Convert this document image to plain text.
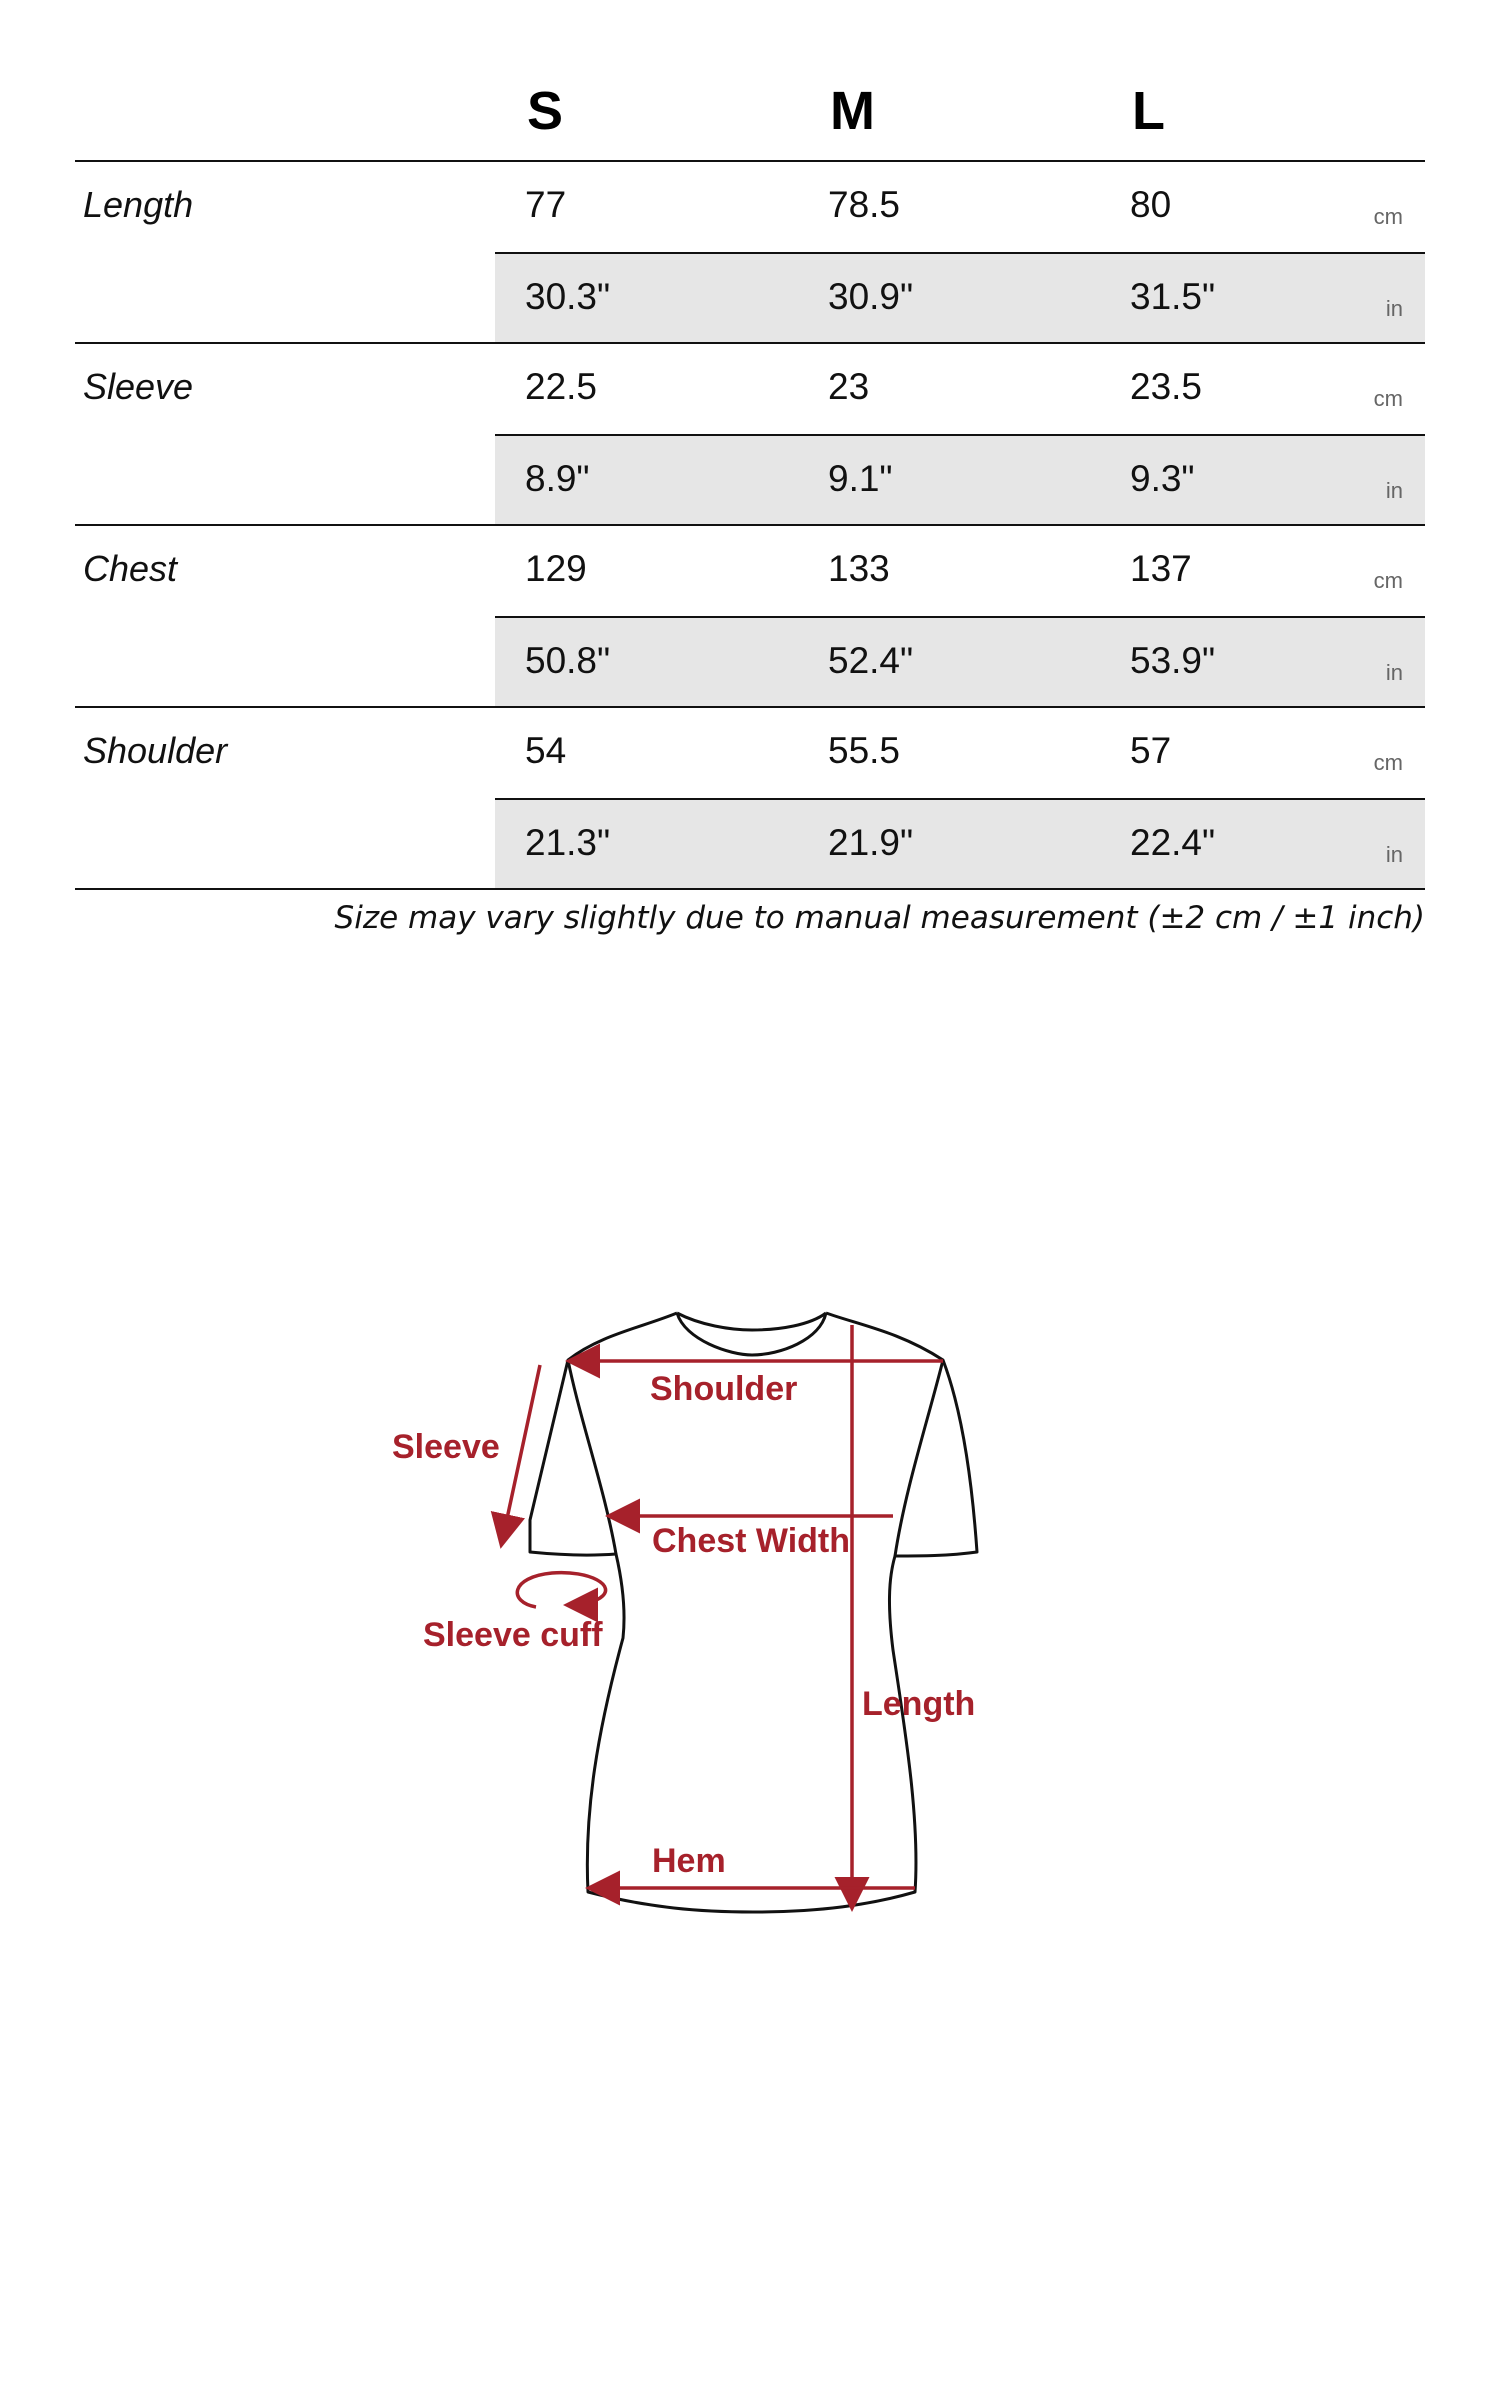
S	M	L
Length	77	78.5	80	cm
30.3"	30.9"	31.5"	in
Sleeve	22.5	23	23.5	cm
8.9"	9.1"	9.3"	in
Chest	129	133	137	cm
50.8"	52.4"	53.9"	in
Shoulder	54	55.5	57	cm
21.3"	21.9"	22.4"	in
Size may vary slightly due to manual measurement (±2 cm / ±1 inch)
Shoulder
Sleeve
Chest Width
Sleeve cuff
Length
Hem
